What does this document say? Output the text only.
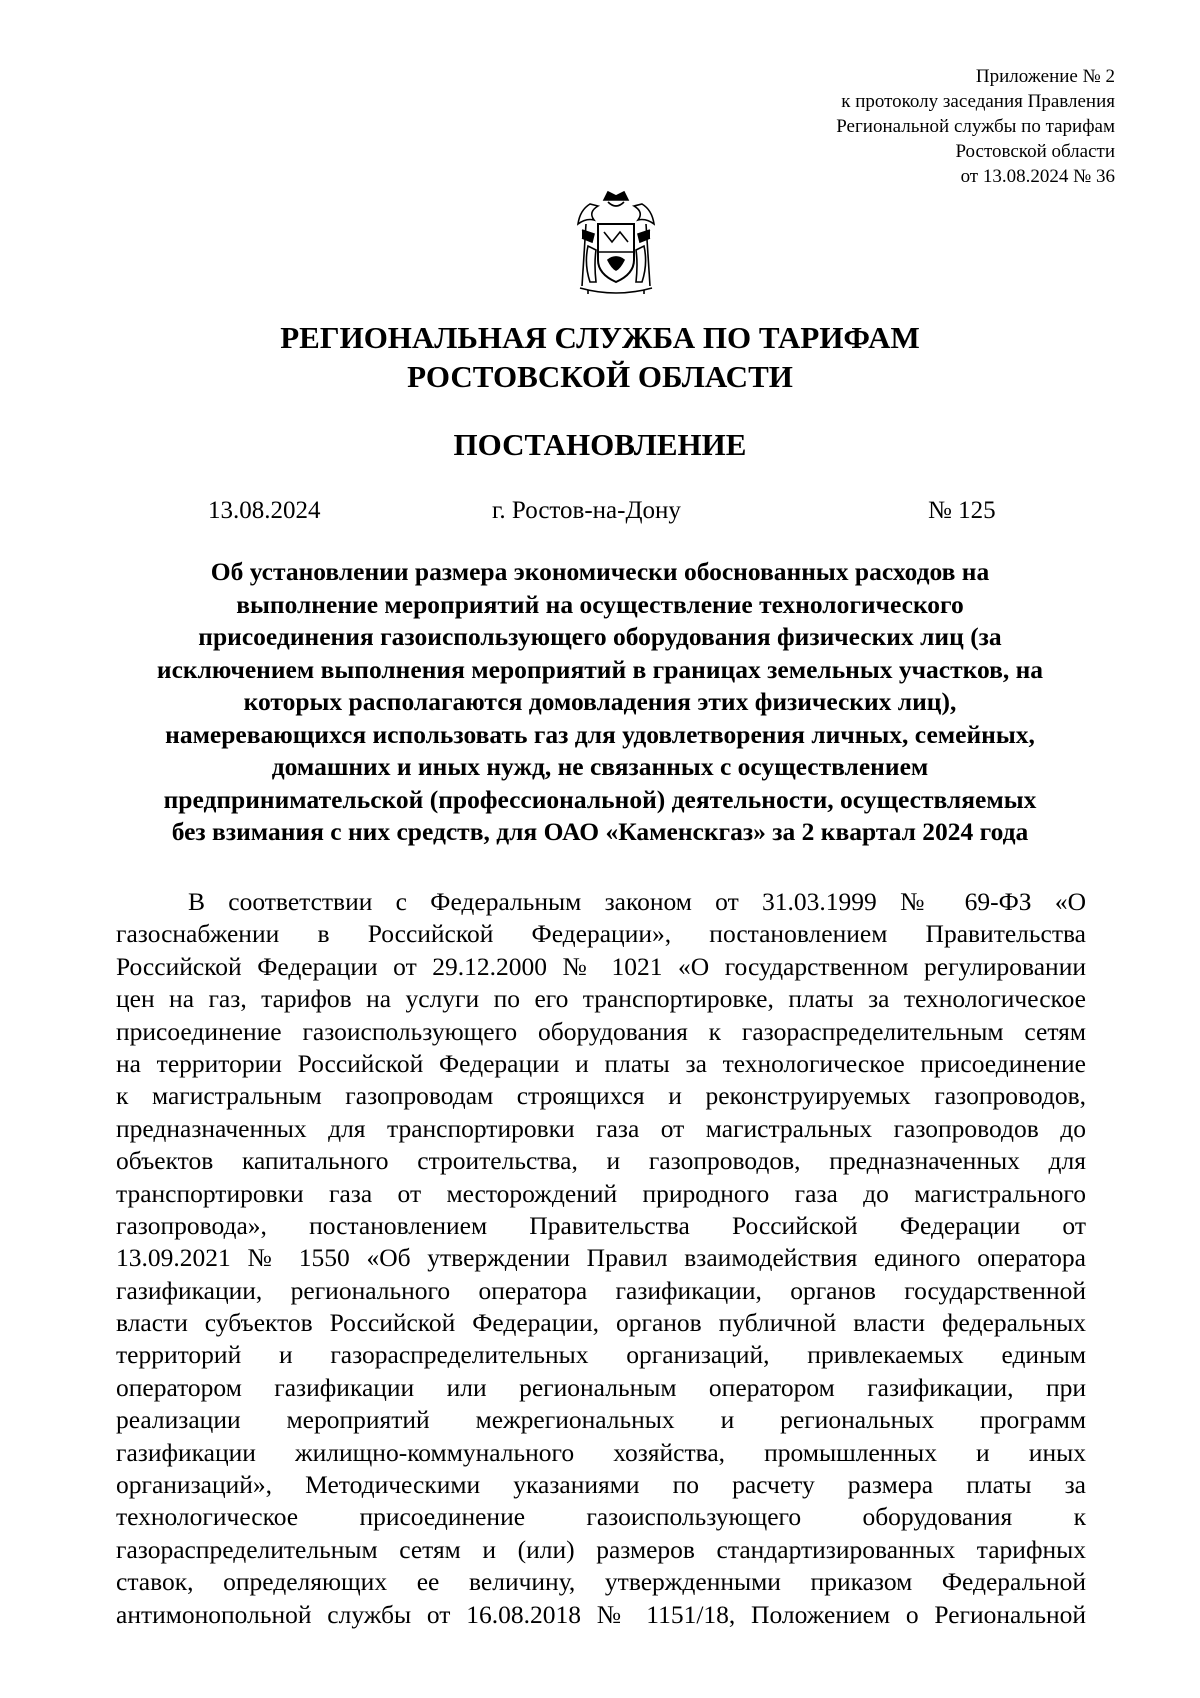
Приложение № 2
к протоколу заседания Правления
Региональной службы по тарифам
Ростовской области
от 13.08.2024 № 36
РЕГИОНАЛЬНАЯ СЛУЖБА ПО ТАРИФАМ
РОСТОВСКОЙ ОБЛАСТИ
ПОСТАНОВЛЕНИЕ
13.08.2024	г. Ростов-на-Дону	№ 125
Об установлении размера экономически обоснованных расходов на
выполнение мероприятий на осуществление технологического
присоединения газоиспользующего оборудования физических лиц (за
исключением выполнения мероприятий в границах земельных участков, на
которых располагаются домовладения этих физических лиц),
намеревающихся использовать газ для удовлетворения личных, семейных,
домашних и иных нужд, не связанных с осуществлением
предпринимательской (профессиональной) деятельности, осуществляемых
без взимания с них средств, для ОАО «Каменскгаз» за 2 квартал 2024 года
В соответствии с Федеральным законом от 31.03.1999 № 69-ФЗ «О
газоснабжении в Российской Федерации», постановлением Правительства
Российской Федерации от 29.12.2000 № 1021 «О государственном регулировании
цен на газ, тарифов на услуги по его транспортировке, платы за технологическое
присоединение газоиспользующего оборудования к газораспределительным сетям
на территории Российской Федерации и платы за технологическое присоединение
к магистральным газопроводам строящихся и реконструируемых газопроводов,
предназначенных для транспортировки газа от магистральных газопроводов до
объектов капитального строительства, и газопроводов, предназначенных для
транспортировки газа от месторождений природного газа до магистрального
газопровода», постановлением Правительства Российской Федерации от
13.09.2021 № 1550 «Об утверждении Правил взаимодействия единого оператора
газификации, регионального оператора газификации, органов государственной
власти субъектов Российской Федерации, органов публичной власти федеральных
территорий и газораспределительных организаций, привлекаемых единым
оператором газификации или региональным оператором газификации, при
реализации мероприятий межрегиональных и региональных программ
газификации жилищно-коммунального хозяйства, промышленных и иных
организаций», Методическими указаниями по расчету размера платы за
технологическое присоединение газоиспользующего оборудования к
газораспределительным сетям и (или) размеров стандартизированных тарифных
ставок, определяющих ее величину, утвержденными приказом Федеральной
антимонопольной службы от 16.08.2018 № 1151/18, Положением о Региональной
